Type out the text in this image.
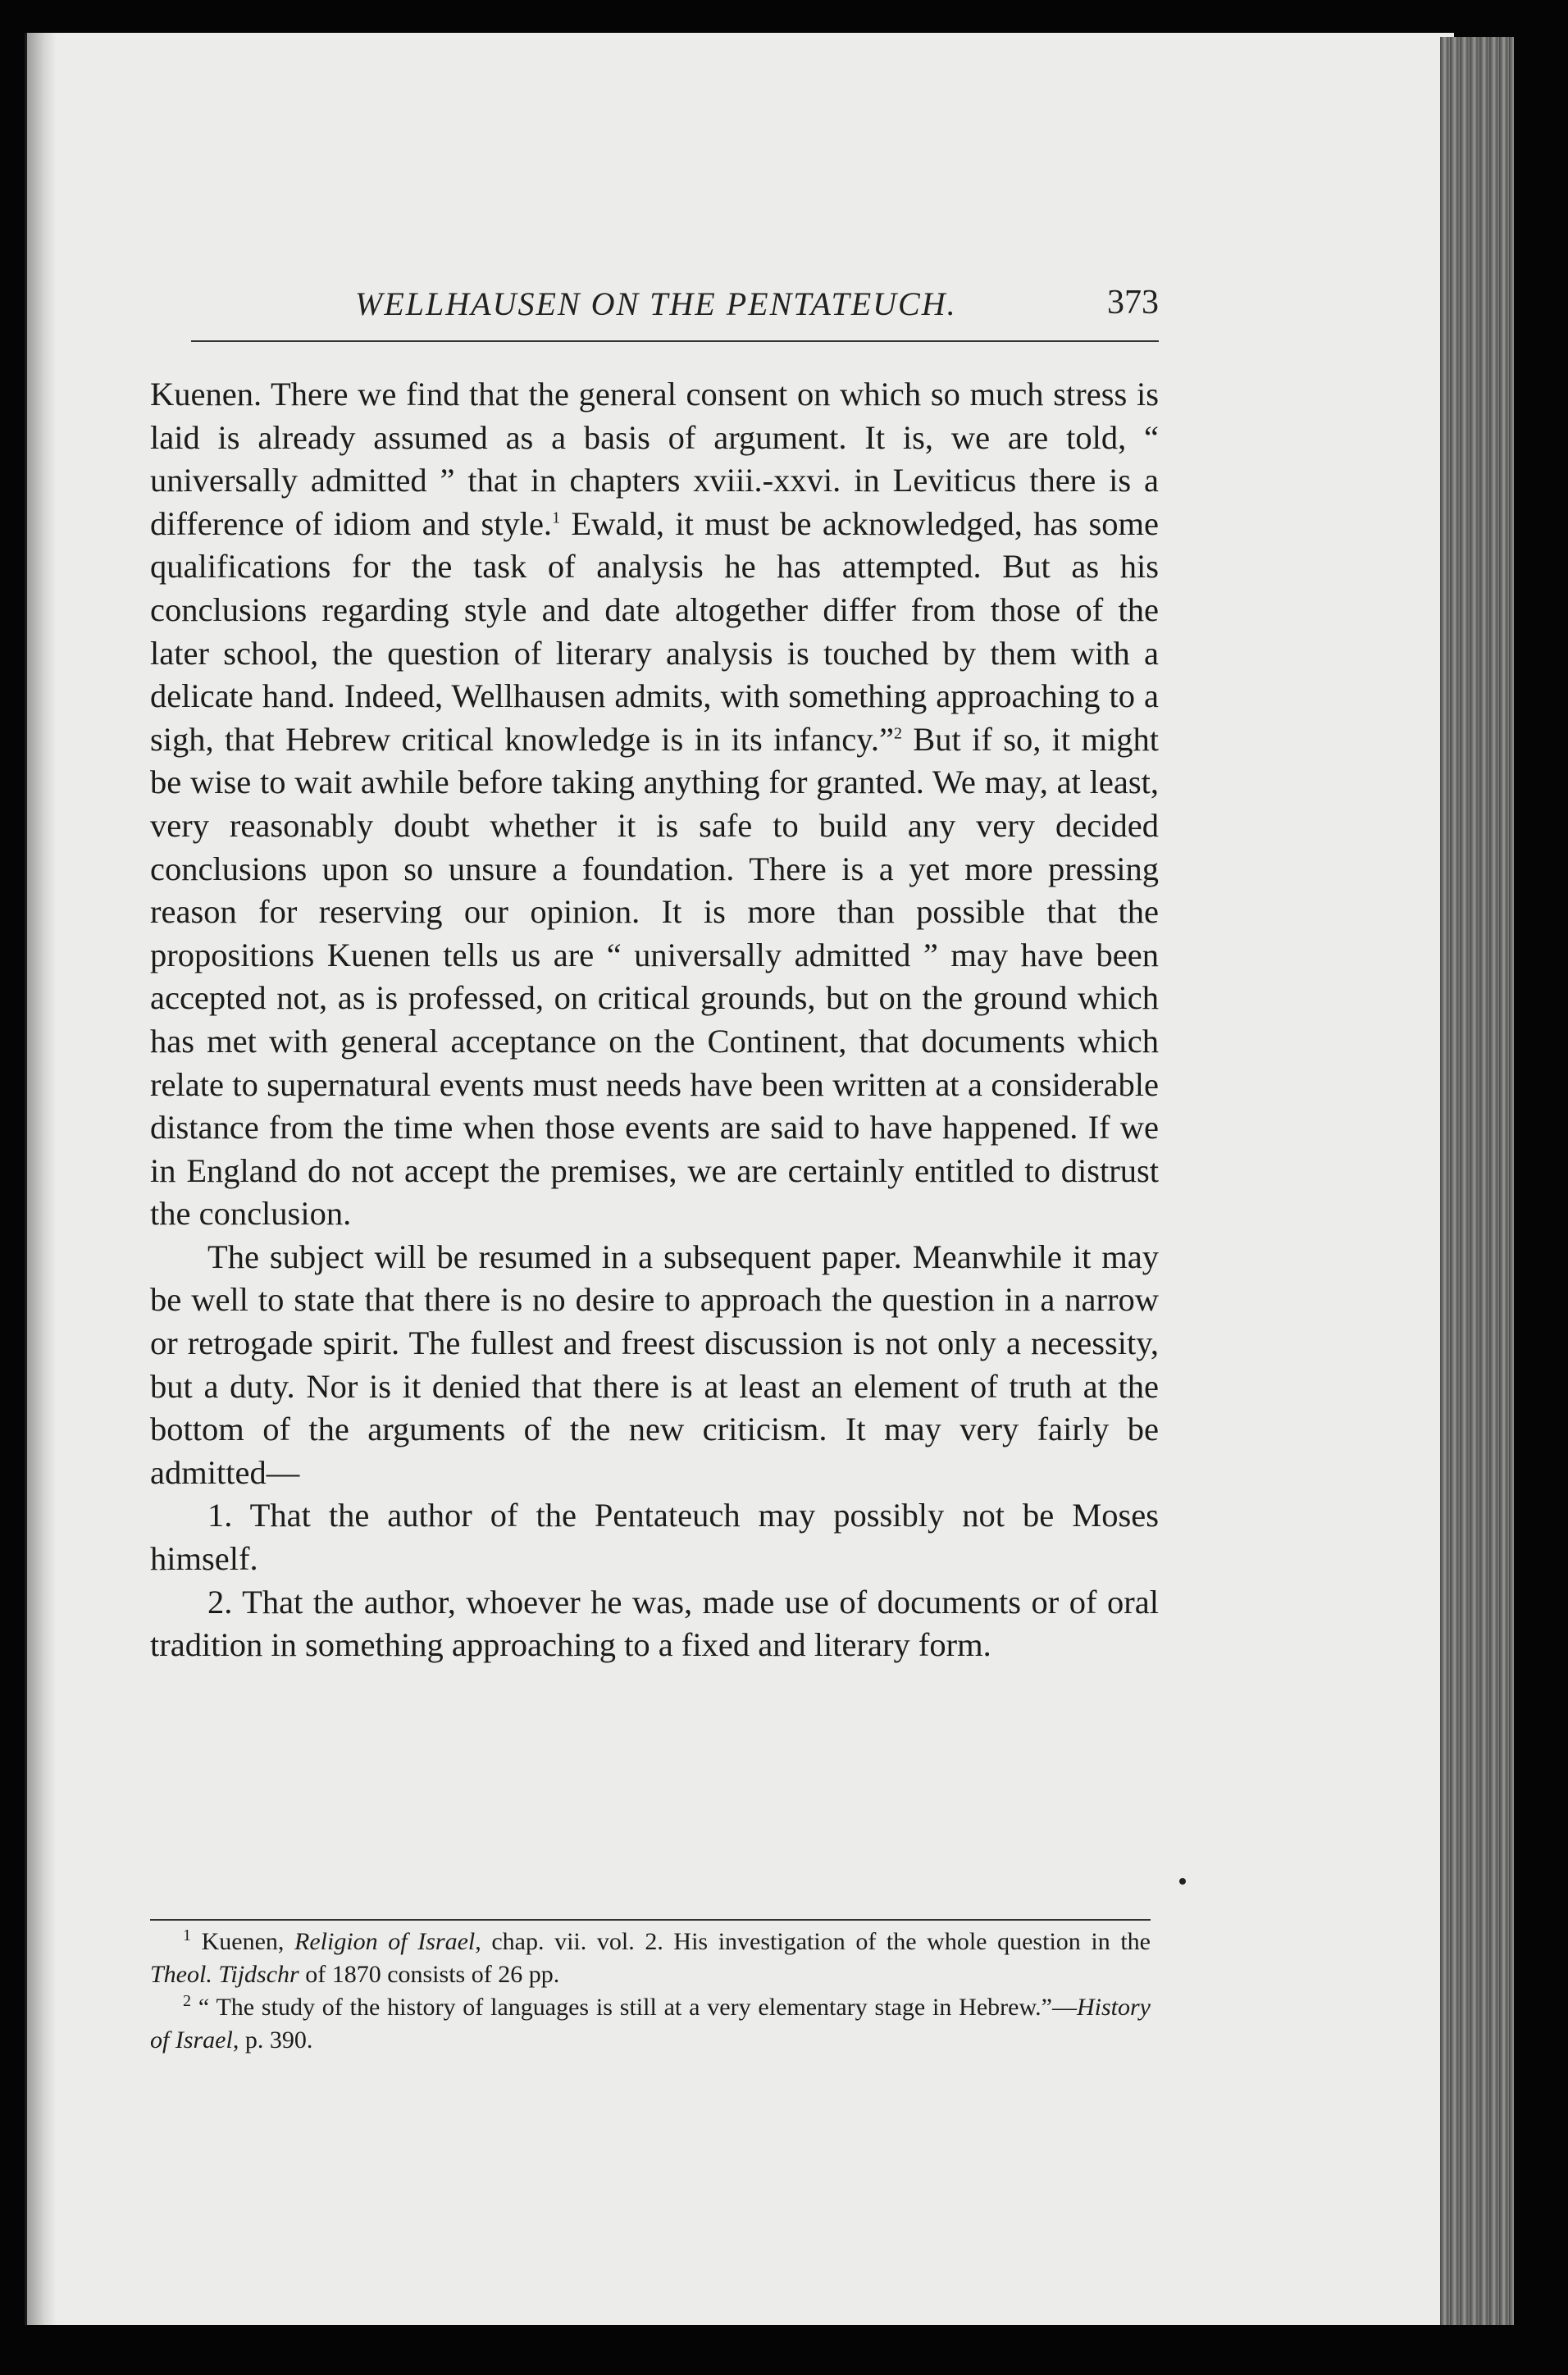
WELLHAUSEN ON THE PENTATEUCH.	373

Kuenen. There we find that the general consent on which so much stress is laid is already assumed as a basis of argument. It is, we are told, “ universally admitted ” that in chapters xviii.-xxvi. in Leviticus there is a difference of idiom and style.$^1$ Ewald, it must be acknowledged, has some qualifications for the task of analysis he has attempted. But as his conclusions regarding style and date altogether differ from those of the later school, the question of literary analysis is touched by them with a delicate hand. Indeed, Wellhausen admits, with something approaching to a sigh, that Hebrew critical knowledge is in its infancy.”$^2$ But if so, it might be wise to wait awhile before taking anything for granted. We may, at least, very reasonably doubt whether it is safe to build any very decided conclusions upon so unsure a foundation. There is a yet more pressing reason for reserving our opinion. It is more than possible that the propositions Kuenen tells us are “ universally admitted ” may have been accepted not, as is professed, on critical grounds, but on the ground which has met with general acceptance on the Continent, that documents which relate to supernatural events must needs have been written at a considerable distance from the time when those events are said to have happened. If we in England do not accept the premises, we are certainly entitled to distrust the conclusion.

The subject will be resumed in a subsequent paper. Meanwhile it may be well to state that there is no desire to approach the question in a narrow or retrogade spirit. The fullest and freest discussion is not only a necessity, but a duty. Nor is it denied that there is at least an element of truth at the bottom of the arguments of the new criticism. It may very fairly be admitted—

1. That the author of the Pentateuch may possibly not be Moses himself.

2. That the author, whoever he was, made use of documents or of oral tradition in something approaching to a fixed and literary form.

$^1$ Kuenen, Religion of Israel, chap. vii. vol. 2. His investigation of the whole question in the Theol. Tijdschr of 1870 consists of 26 pp.

$^2$ “ The study of the history of languages is still at a very elementary stage in Hebrew.”—History of Israel, p. 390.
